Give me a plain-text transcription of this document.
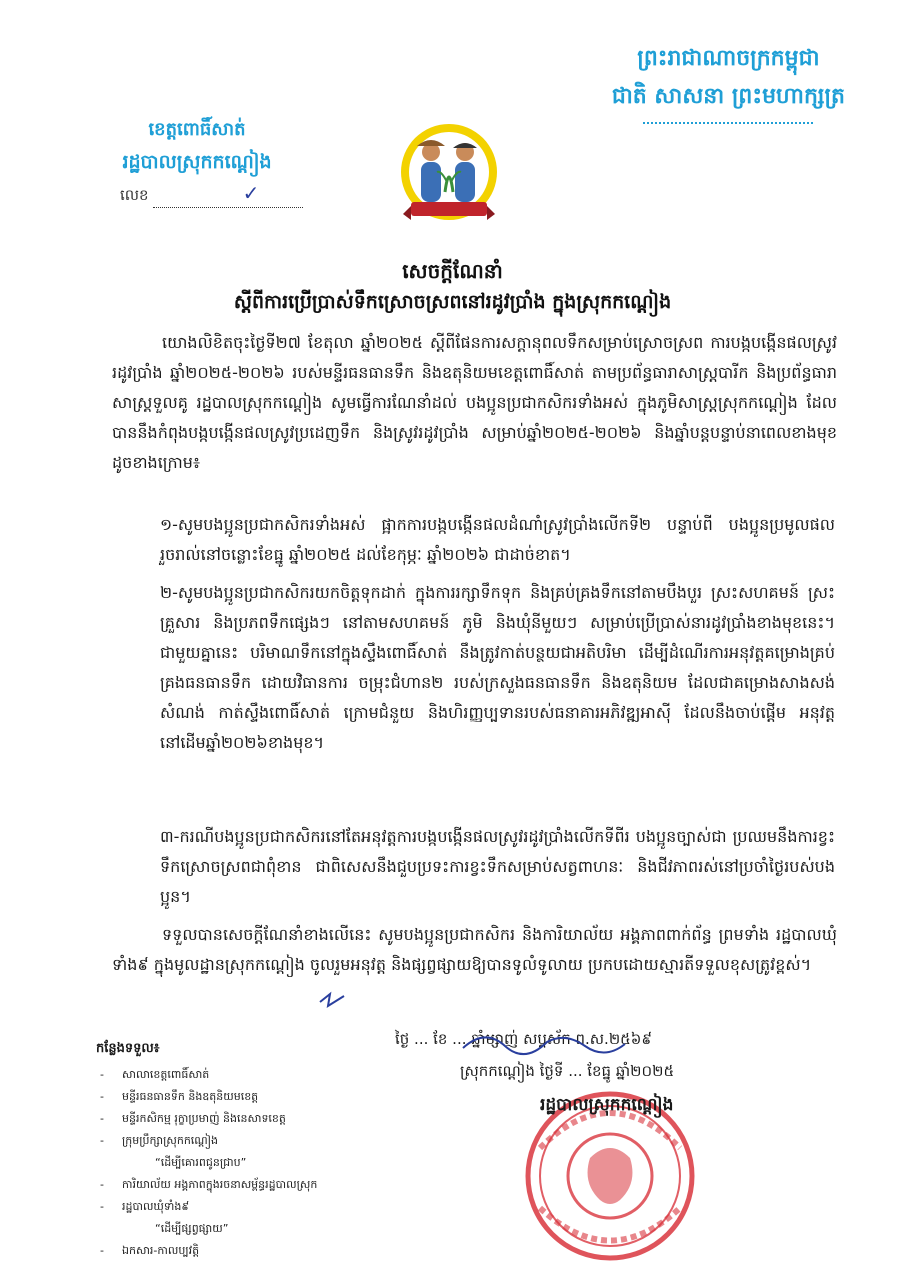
ព្រះរាជាណាចក្រកម្ពុជា
ជាតិ សាសនា ព្រះមហាក្សត្រ
ខេត្តពោធិ៍សាត់
រដ្ឋបាលស្រុកកណ្ដៀង
លេខ	✓
សេចក្តីណែនាំ
ស្តីពីការប្រើប្រាស់ទឹកស្រោចស្រពនៅរដូវប្រាំង ក្នុងស្រុកកណ្ដៀង
យោងលិខិតចុះថ្ងៃទី២៧ ខែតុលា ឆ្នាំ២០២៥ ស្តីពីផែនការសក្តានុពលទឹកសម្រាប់ស្រោចស្រព ការបង្កបង្កើនផលស្រូវរដូវប្រាំង ឆ្នាំ២០២៥-២០២៦ របស់មន្ទីរធនធានទឹក និងឧតុនិយមខេត្តពោធិ៍សាត់ តាមប្រព័ន្ធធារាសាស្រ្តបារីក និងប្រព័ន្ធធារាសាស្រ្តទួលគូ រដ្ឋបាលស្រុកកណ្ដៀង សូមធ្វើការណែនាំដល់ បងប្អូនប្រជាកសិករទាំងអស់ ក្នុងភូមិសាស្ត្រស្រុកកណ្ដៀង ដែលបាននឹងកំពុងបង្កបង្កើនផលស្រូវប្រដេញទឹក និងស្រូវរដូវប្រាំង សម្រាប់ឆ្នាំ២០២៥-២០២៦ និងឆ្នាំបន្តបន្ទាប់នាពេលខាងមុខ ដូចខាងក្រោម៖
១-សូមបងប្អូនប្រជាកសិករទាំងអស់ ផ្អាកការបង្កបង្កើនផលដំណាំស្រូវប្រាំងលើកទី២ បន្ទាប់ពី បងប្អូនប្រមូលផលរួចរាល់នៅចន្លោះខែធ្នូ ឆ្នាំ២០២៥ ដល់ខែកុម្ភៈ ឆ្នាំ២០២៦ ជាដាច់ខាត។
២-សូមបងប្អូនប្រជាកសិករយកចិត្តទុកដាក់ ក្នុងការរក្សាទឹកទុក និងគ្រប់គ្រងទឹកនៅតាមបឹងបួរ ស្រះសហគមន៍ ស្រះគ្រួសារ និងប្រភពទឹកផ្សេងៗ នៅតាមសហគមន៍ ភូមិ និងឃុំនីមួយៗ សម្រាប់ប្រើប្រាស់នារដូវប្រាំងខាងមុខនេះ។ ជាមួយគ្នានេះ បរិមាណទឹកនៅក្នុងស្ទឹងពោធិ៍សាត់ នឹងត្រូវកាត់បន្ថយជាអតិបរិមា ដើម្បីដំណើរការអនុវត្តគម្រោងគ្រប់គ្រងធនធានទឹក ដោយវិធានការ ចម្រុះជំហាន២ របស់ក្រសួងធនធានទឹក និងឧតុនិយម ដែលជាគម្រោងសាងសង់សំណង់ កាត់ស្ទឹងពោធិ៍សាត់ ក្រោមជំនួយ និងហិរញ្ញប្បទានរបស់ធនាគារអភិវឌ្ឍអាស៊ី ដែលនឹងចាប់ផ្តើម អនុវត្តនៅដើមឆ្នាំ២០២៦ខាងមុខ។
៣-ករណីបងប្អូនប្រជាកសិករនៅតែអនុវត្តការបង្កបង្កើនផលស្រូវរដូវប្រាំងលើកទីពីរ បងប្អូនច្បាស់ជា ប្រឈមនឹងការខ្វះទឹកស្រោចស្រពជាពុំខាន ជាពិសេសនឹងជួបប្រទះការខ្វះទឹកសម្រាប់សត្វពាហនៈ និងជីវភាពរស់នៅប្រចាំថ្ងៃរបស់បងប្អូន។
ទទួលបានសេចក្តីណែនាំខាងលើនេះ សូមបងប្អូនប្រជាកសិករ និងការិយាល័យ អង្គភាពពាក់ព័ន្ធ ព្រមទាំង រដ្ឋបាលឃុំទាំង៩ ក្នុងមូលដ្ឋានស្រុកកណ្ដៀង ចូលរួមអនុវត្ត និងផ្សព្វផ្សាយឱ្យបានទូលំទូលាយ ប្រកបដោយស្មារតីទទួលខុសត្រូវខ្ពស់។
កន្លែងទទួល៖
-	សាលាខេត្តពោធិ៍សាត់
-	មន្ទីរធនធានទឹក និងឧតុនិយមខេត្ត
-	មន្ទីរកសិកម្ម រុក្ខាប្រមាញ់ និងនេសាទខេត្ត
-	ក្រុមប្រឹក្សាស្រុកកណ្ដៀង
“ដើម្បីគោរពជូនជ្រាប”
-	ការិយាល័យ អង្គភាពក្នុងរចនាសម្ព័ន្ធរដ្ឋបាលស្រុក
-	រដ្ឋបាលឃុំទាំង៩
“ដើម្បីផ្សព្វផ្សាយ”
-	ឯកសារ-កាលប្បវត្តិ
ថ្ងៃ ... ខែ ... ឆ្នាំម្សាញ់ សប្តស័ក ព.ស.២៥៦៩
ស្រុកកណ្ដៀង ថ្ងៃទី ... ខែធ្នូ ឆ្នាំ២០២៥
រដ្ឋបាលស្រុកកណ្ដៀង
